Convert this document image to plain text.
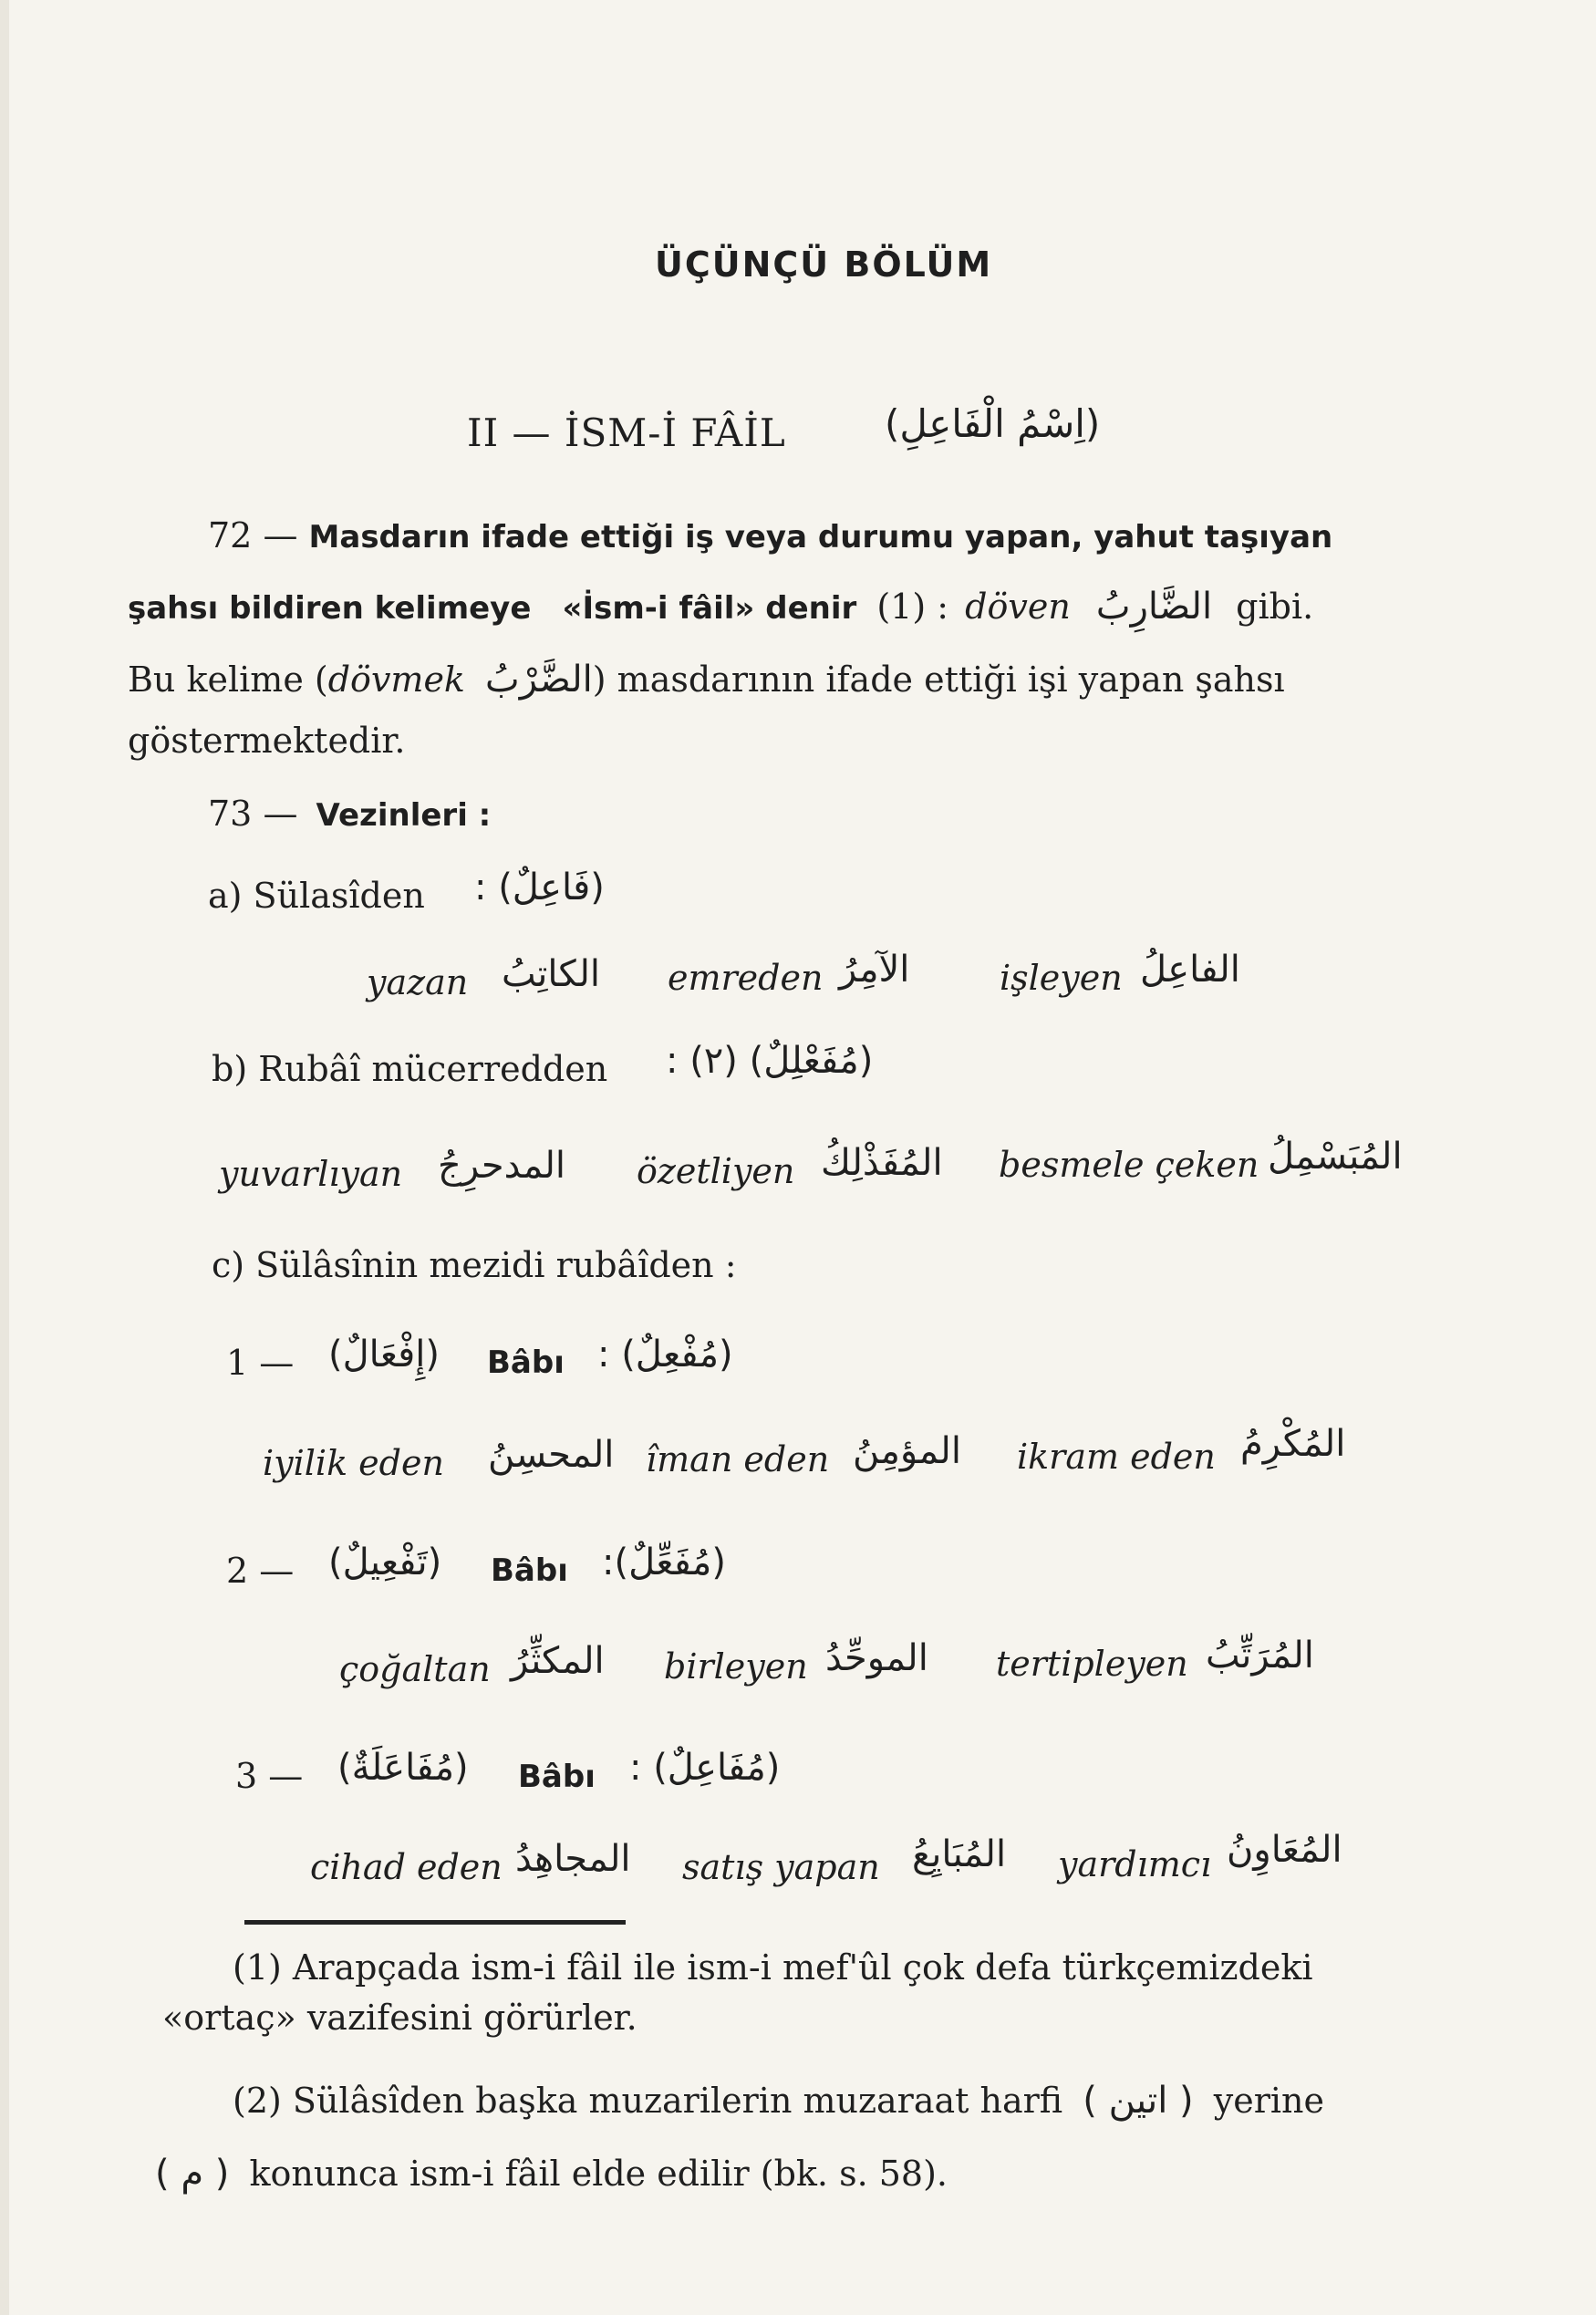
ÜÇÜNÇÜ BÖLÜM
II — İSM-İ FÂİL	(اِسْمُ الْفَاعِلِ)
72 — Masdarın ifade ettiği iş veya durumu yapan, yahut taşıyan
şahsı bildiren kelimeye «İsm-i fâil» denir (1) : döven الضَّارِبُ gibi.
Bu kelime (dövmek الضَّرْبُ) masdarının ifade ettiği işi yapan şahsı
göstermektedir.
73 — Vezinleri :
a) Sülasîden (فَاعِلٌ) :
yazan الكاتِبُ emreden الآمِرُ	işleyen الفاعِلُ
b) Rubâî mücerredden (مُفَعْلِلٌ) (٢) :
yuvarlıyan المدحرِجُ özetliyen المُفَذْلِكُ besmele çeken المُبَسْمِلُ
c) Sülâsînin mezidi rubâîden :
1 — (إِفْعَالٌ) Bâbı (مُفْعِلٌ) :
iyilik eden المحسِنُ îman eden المؤمِنُ ikram eden المُكْرِمُ
2 — (تَفْعِيلٌ) Bâbı (مُفَعِّلٌ):
çoğaltan المكثِّرُ birleyen الموحِّدُ tertipleyen المُرَتِّبُ
3 — (مُفَاعَلَةٌ) Bâbı (مُفَاعِلٌ) :
cihad eden المجاهِدُ satış yapan المُبَايِعُ yardımcı المُعَاوِنُ
(1) Arapçada ism-i fâil ile ism-i mef'ûl çok defa türkçemizdeki
«ortaç» vazifesini görürler.
(2) Sülâsîden başka muzarilerin muzaraat harfi ( اتين ) yerine
( م ) konunca ism-i fâil elde edilir (bk. s. 58).
